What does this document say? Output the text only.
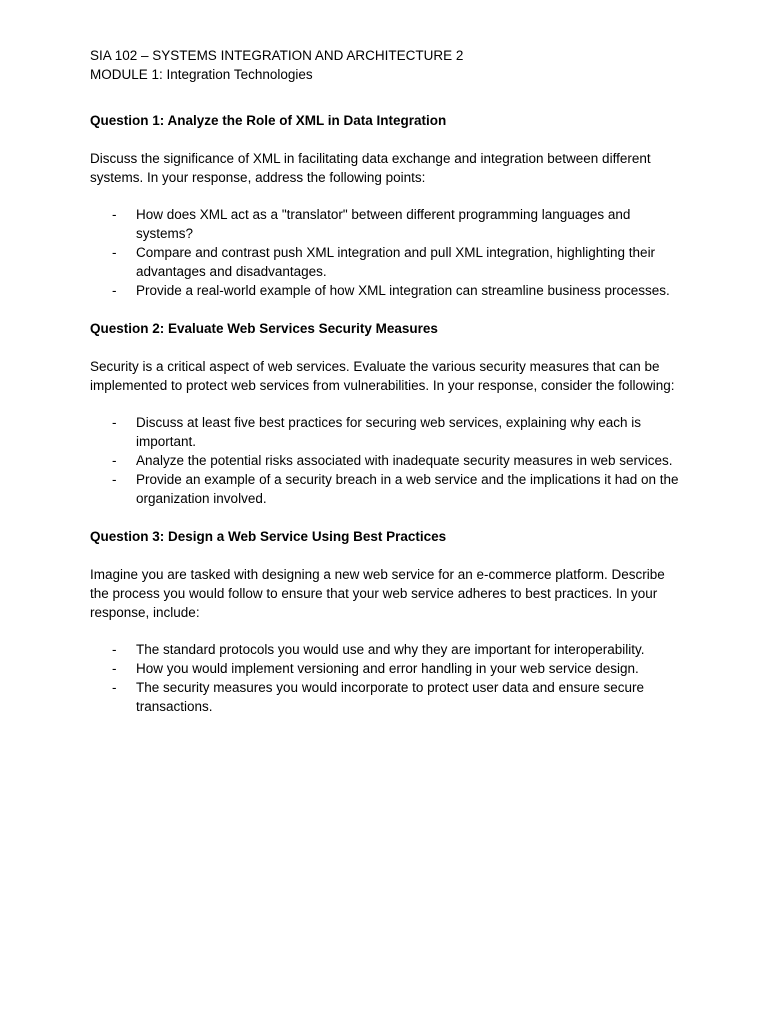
SIA 102 – SYSTEMS INTEGRATION AND ARCHITECTURE 2

MODULE 1: Integration Technologies

Question 1: Analyze the Role of XML in Data Integration

Discuss the significance of XML in facilitating data exchange and integration between different systems. In your response, address the following points:

- How does XML act as a "translator" between different programming languages and systems?
- Compare and contrast push XML integration and pull XML integration, highlighting their advantages and disadvantages.
- Provide a real-world example of how XML integration can streamline business processes.

Question 2: Evaluate Web Services Security Measures

Security is a critical aspect of web services. Evaluate the various security measures that can be implemented to protect web services from vulnerabilities. In your response, consider the following:

- Discuss at least five best practices for securing web services, explaining why each is important.
- Analyze the potential risks associated with inadequate security measures in web services.
- Provide an example of a security breach in a web service and the implications it had on the organization involved.

Question 3: Design a Web Service Using Best Practices

Imagine you are tasked with designing a new web service for an e-commerce platform. Describe the process you would follow to ensure that your web service adheres to best practices. In your response, include:

- The standard protocols you would use and why they are important for interoperability.
- How you would implement versioning and error handling in your web service design.
- The security measures you would incorporate to protect user data and ensure secure transactions.
